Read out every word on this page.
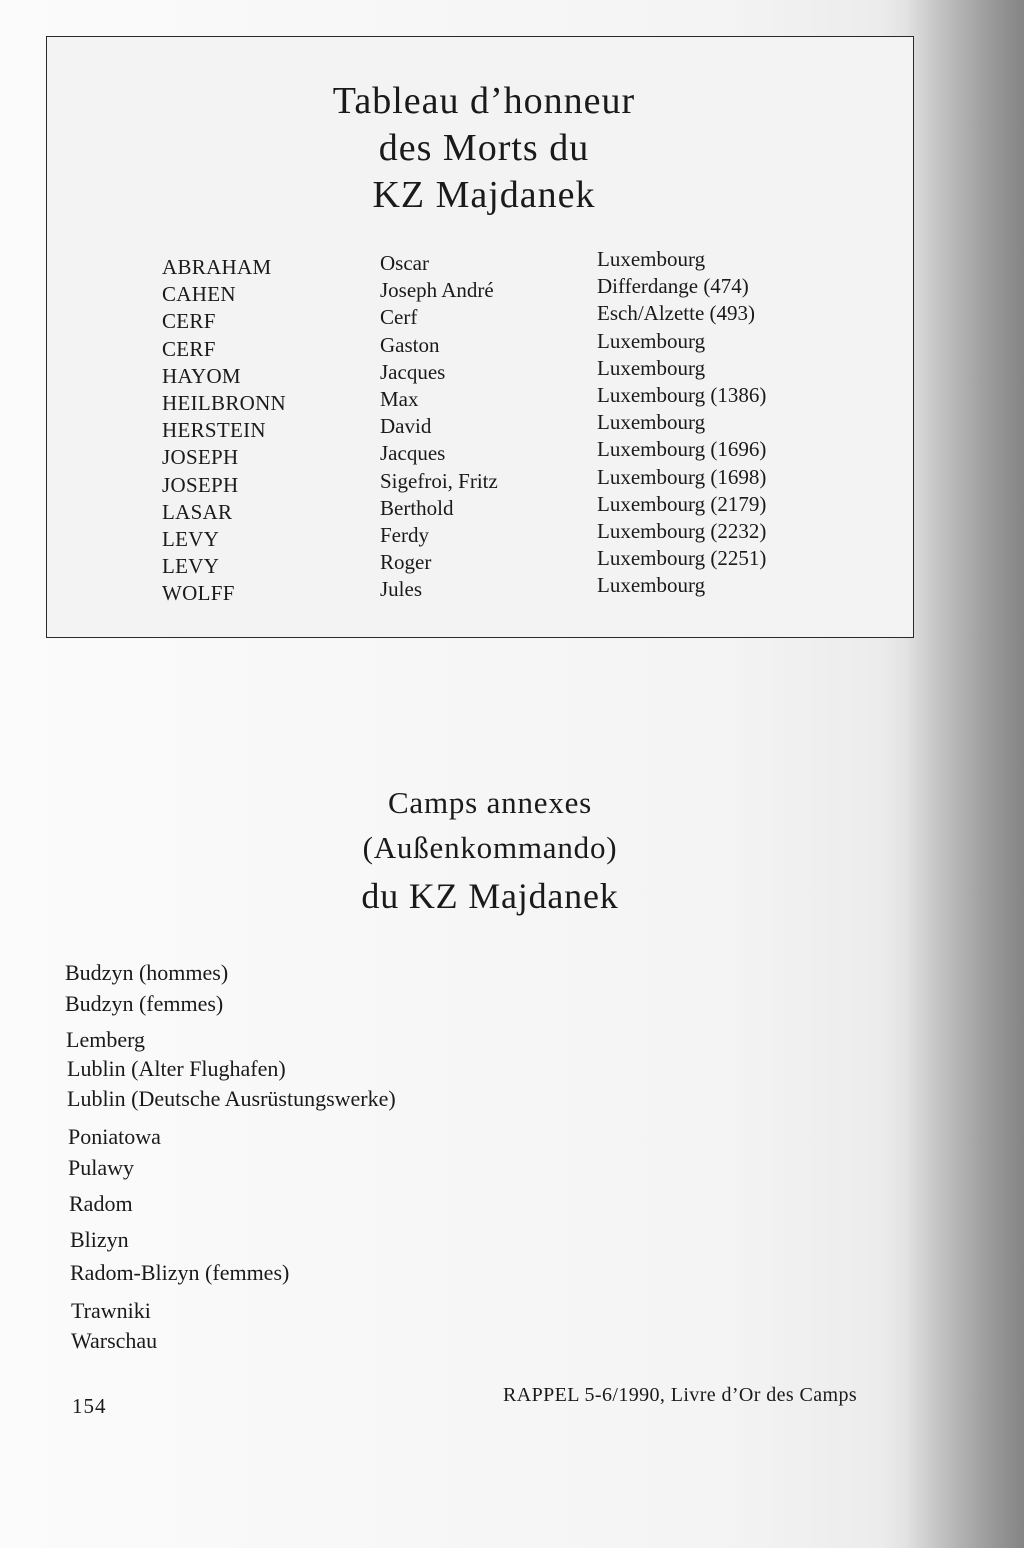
Tableau d’honneur
des Morts du
KZ Majdanek
ABRAHAM
CAHEN
CERF
CERF
HAYOM
HEILBRONN
HERSTEIN
JOSEPH
JOSEPH
LASAR
LEVY
LEVY
WOLFF
Oscar
Joseph André
Cerf
Gaston
Jacques
Max
David
Jacques
Sigefroi, Fritz
Berthold
Ferdy
Roger
Jules
Luxembourg
Differdange (474)
Esch/Alzette (493)
Luxembourg
Luxembourg
Luxembourg (1386)
Luxembourg
Luxembourg (1696)
Luxembourg (1698)
Luxembourg (2179)
Luxembourg (2232)
Luxembourg (2251)
Luxembourg
Camps annexes
(Außenkommando)
du KZ Majdanek
Budzyn (hommes)
Budzyn (femmes)
Lemberg
Lublin (Alter Flughafen)
Lublin (Deutsche Ausrüstungswerke)
Poniatowa
Pulawy
Radom
Blizyn
Radom-Blizyn (femmes)
Trawniki
Warschau
154	RAPPEL 5-6/1990, Livre d’Or des Camps
